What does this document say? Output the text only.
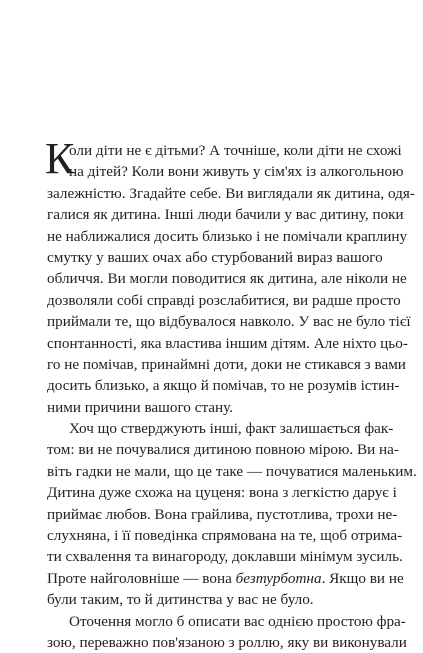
К
оли діти не є дітьми? А точніше, коли діти не схожі
на дітей? Коли вони живуть у сім'ях із алкогольною
залежністю. Згадайте себе. Ви виглядали як дитина, одя-
галися як дитина. Інші люди бачили у вас дитину, поки
не наближалися досить близько і не помічали краплину
смутку у ваших очах або стурбований вираз вашого
обличчя. Ви могли поводитися як дитина, але ніколи не
дозволяли собі справді розслабитися, ви радше просто
приймали те, що відбувалося навколо. У вас не було тієї
спонтанності, яка властива іншим дітям. Але ніхто цьо-
го не помічав, принаймні доти, доки не стикався з вами
досить близько, а якщо й помічав, то не розумів істин-
ними причини вашого стану.
Хоч що стверджують інші, факт залишається фак-
том: ви не почувалися дитиною повною мірою. Ви на-
віть гадки не мали, що це таке — почуватися маленьким.
Дитина дуже схожа на цуценя: вона з легкістю дарує і
приймає любов. Вона грайлива, пустотлива, трохи не-
слухняна, і її поведінка спрямована на те, щоб отрима-
ти схвалення та винагороду, доклавши мінімум зусиль.
Проте найголовніше — вона безтурботна. Якщо ви не
були таким, то й дитинства у вас не було.
Оточення могло б описати вас однією простою фра-
зою, переважно пов'язаною з роллю, яку ви виконували
